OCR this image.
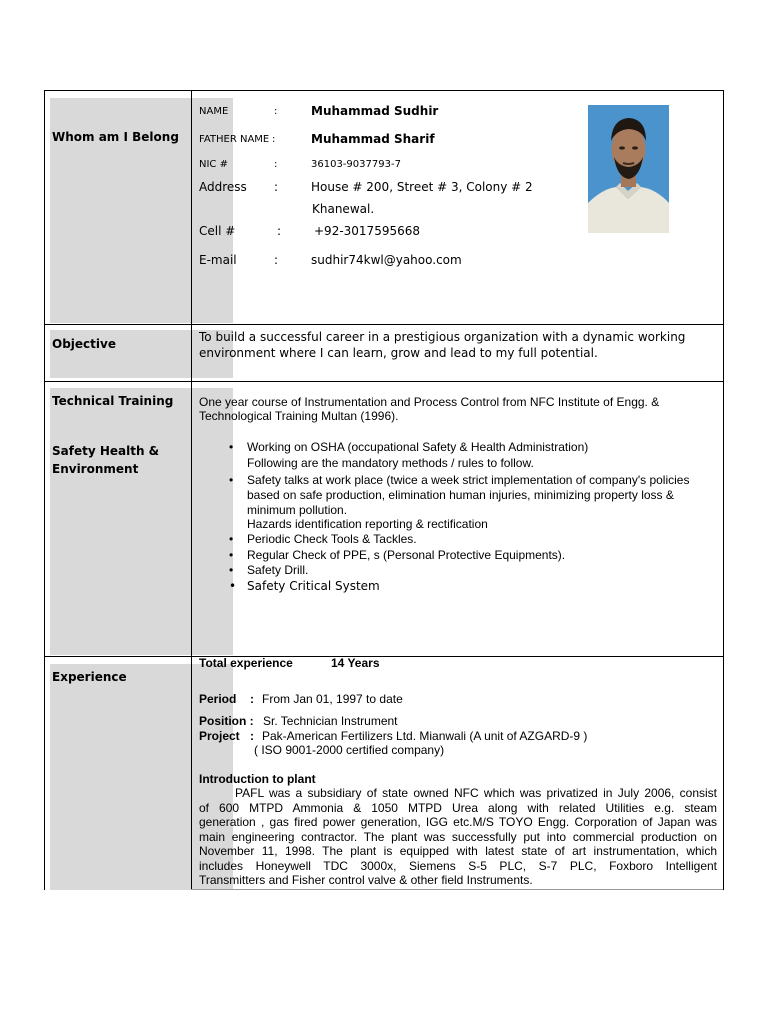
Whom am I Belong
NAME	:	Muhammad Sudhir
FATHER NAME :	Muhammad Sharif
NIC #	:	36103-9037793-7
Address :	House # 200, Street # 3, Colony # 2
Khanewal.
Cell #	:	+92-3017595668
E-mail	:	sudhir74kwl@yahoo.com
Objective	To build a successful career in a prestigious organization with a dynamic working
environment where I can learn, grow and lead to my full potential.
Technical Training One year course of Instrumentation and Process Control from NFC Institute of Engg. &
Technological Training Multan (1996).
Safety Health &
Environment
• Working on OSHA (occupational Safety & Health Administration)
Following are the mandatory methods / rules to follow.
• Safety talks at work place (twice a week strict implementation of company's policies
based on safe production, elimination human injuries, minimizing property loss &
minimum pollution.
Hazards identification reporting & rectification
• Periodic Check Tools & Tackles.
• Regular Check of PPE, s (Personal Protective Equipments).
• Safety Drill.
• Safety Critical System
Experience
Total experience	14 Years
Period : From Jan 01, 1997 to date
Position : Sr. Technician Instrument
Project : Pak-American Fertilizers Ltd. Mianwali (A unit of AZGARD-9 )
( ISO 9001-2000 certified company)
Introduction to plant
PAFL was a subsidiary of state owned NFC which was privatized in July 2006, consist
of 600 MTPD Ammonia & 1050 MTPD Urea along with related Utilities e.g. steam
generation , gas fired power generation, IGG etc.M/S TOYO Engg. Corporation of Japan was
main engineering contractor. The plant was successfully put into commercial production on
November 11, 1998. The plant is equipped with latest state of art instrumentation, which
includes Honeywell TDC 3000x, Siemens S-5 PLC, S-7 PLC, Foxboro Intelligent
Transmitters and Fisher control valve & other field Instruments.
